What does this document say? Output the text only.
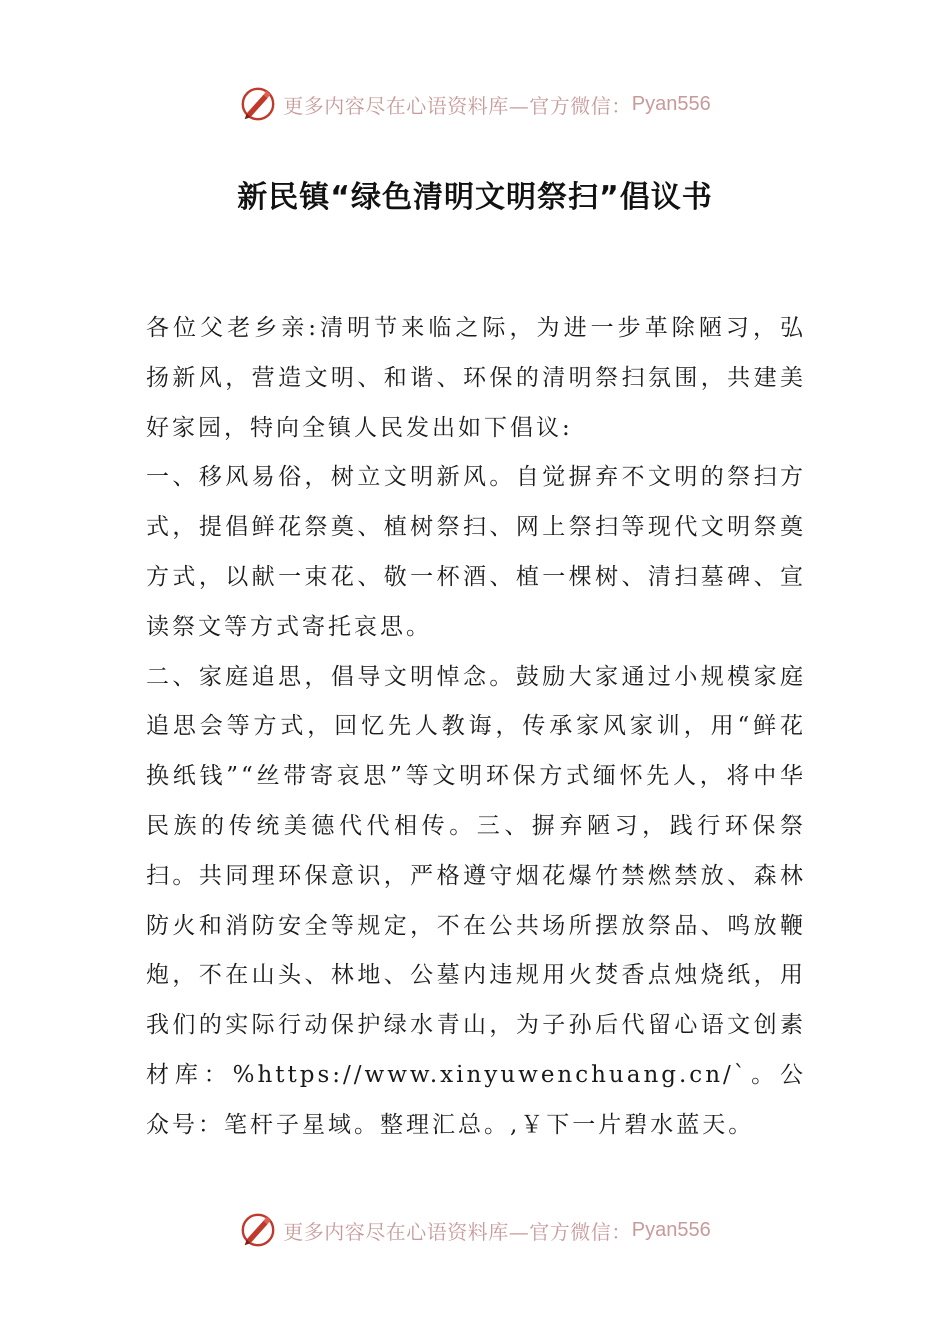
更多内容尽在心语资料库—官方微信： Pyan556
新民镇“绿色清明文明祭扫”倡议书

各位父老乡亲:清明节来临之际，为进一步革除陋习，弘扬新风，营造文明、和谐、环保的清明祭扫氛围，共建美好家园，特向全镇人民发出如下倡议:

一、移风易俗，树立文明新风。自觉摒弃不文明的祭扫方式，提倡鲜花祭奠、植树祭扫、网上祭扫等现代文明祭奠方式，以献一束花、敬一杯酒、植一棵树、清扫墓碑、宣读祭文等方式寄托哀思。

二、家庭追思，倡导文明悼念。鼓励大家通过小规模家庭追思会等方式，回忆先人教诲，传承家风家训，用“鲜花换纸钱”“丝带寄哀思”等文明环保方式缅怀先人，将中华民族的传统美德代代相传。三、摒弃陋习，践行环保祭扫。共同理环保意识，严格遵守烟花爆竹禁燃禁放、森林防火和消防安全等规定，不在公共场所摆放祭品、鸣放鞭炮，不在山头、林地、公墓内违规用火焚香点烛烧纸，用我们的实际行动保护绿水青山，为子孙后代留心语文创素材库：%https://www.xinyuwenchuang.cn/`。公众号：笔杆子星域。整理汇总。,￥下一片碧水蓝天。

更多内容尽在心语资料库—官方微信： Pyan556
